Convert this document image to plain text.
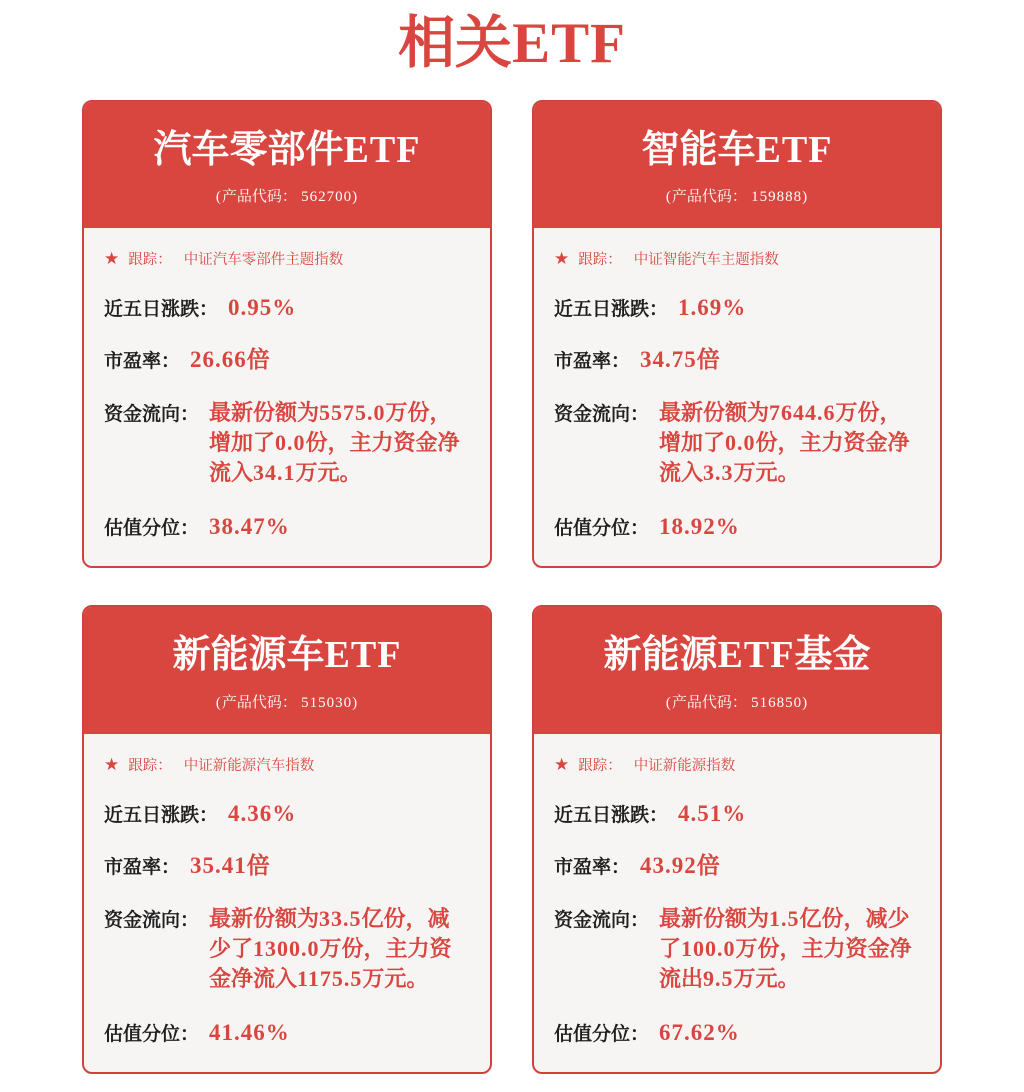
相关ETF
汽车零部件ETF
(产品代码： 562700)
★ 跟踪： 中证汽车零部件主题指数
近五日涨跌： 0.95%
市盈率： 26.66倍
资金流向： 最新份额为5575.0万份，增加了0.0份，主力资金净流入34.1万元。
估值分位： 38.47%
智能车ETF
(产品代码： 159888)
★ 跟踪： 中证智能汽车主题指数
近五日涨跌： 1.69%
市盈率： 34.75倍
资金流向： 最新份额为7644.6万份，增加了0.0份，主力资金净流入3.3万元。
估值分位： 18.92%
新能源车ETF
(产品代码： 515030)
★ 跟踪： 中证新能源汽车指数
近五日涨跌： 4.36%
市盈率： 35.41倍
资金流向： 最新份额为33.5亿份，减少了1300.0万份，主力资金净流入1175.5万元。
估值分位： 41.46%
新能源ETF基金
(产品代码： 516850)
★ 跟踪： 中证新能源指数
近五日涨跌： 4.51%
市盈率： 43.92倍
资金流向： 最新份额为1.5亿份，减少了100.0万份，主力资金净流出9.5万元。
估值分位： 67.62%
